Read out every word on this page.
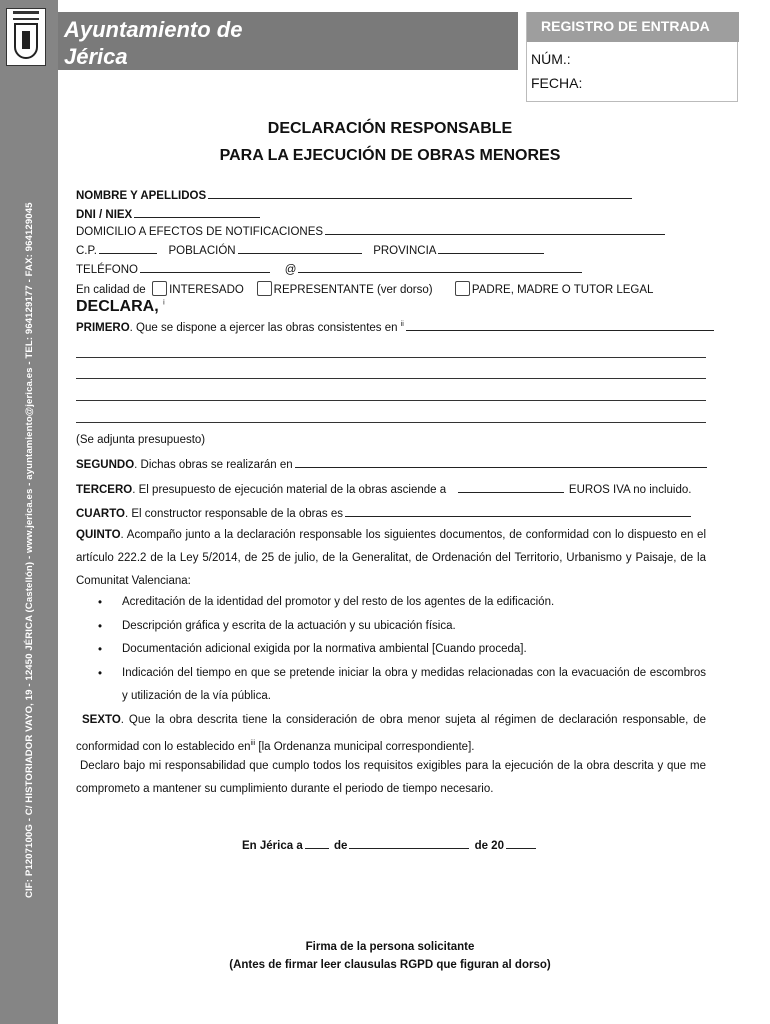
CIF: P1207100G - C/ HISTORIADOR VAYO, 19 - 12450 JÉRICA (Castellón) - www.jerica.es - ayuntamiento@jerica.es - TEL: 964129177 - FAX: 964129045
Ayuntamiento de
Jérica
REGISTRO DE ENTRADA
NÚM.:
FECHA:
DECLARACIÓN RESPONSABLE
PARA LA EJECUCIÓN DE OBRAS MENORES
NOMBRE Y APELLIDOS
DNI / NIEX
DOMICILIO A EFECTOS DE NOTIFICACIONES
C.P.	POBLACIÓN	PROVINCIA
TELÉFONO	@
En calidad de INTERESADO	REPRESENTANTE (ver dorso)	PADRE, MADRE O TUTOR LEGAL
DECLARA, $^i$
PRIMERO. Que se dispone a ejercer las obras consistentes en $^{ii}$
(Se adjunta presupuesto)
SEGUNDO. Dichas obras se realizarán en
TERCERO. El presupuesto de ejecución material de la obras asciende a	EUROS IVA no incluido.
CUARTO. El constructor responsable de la obras es
QUINTO. Acompaño junto a la declaración responsable los siguientes documentos, de conformidad con lo dispuesto en el artículo 222.2 de la Ley 5/2014, de 25 de julio, de la Generalitat, de Ordenación del Territorio, Urbanismo y Paisaje, de la Comunitat Valenciana:
• Acreditación de la identidad del promotor y del resto de los agentes de la edificación.
• Descripción gráfica y escrita de la actuación y su ubicación física.
• Documentación adicional exigida por la normativa ambiental [Cuando proceda].
• Indicación del tiempo en que se pretende iniciar la obra y medidas relacionadas con la evacuación de escombros y utilización de la vía pública.
SEXTO. Que la obra descrita tiene la consideración de obra menor sujeta al régimen de declaración responsable, de conformidad con lo establecido $en^{iii}$ [la Ordenanza municipal correspondiente].
Declaro bajo mi responsabilidad que cumplo todos los requisitos exigibles para la ejecución de la obra descrita y que me comprometo a mantener su cumplimiento durante el periodo de tiempo necesario.
En Jérica a	de	de 20
Firma de la persona solicitante
(Antes de firmar leer clausulas RGPD que figuran al dorso)
